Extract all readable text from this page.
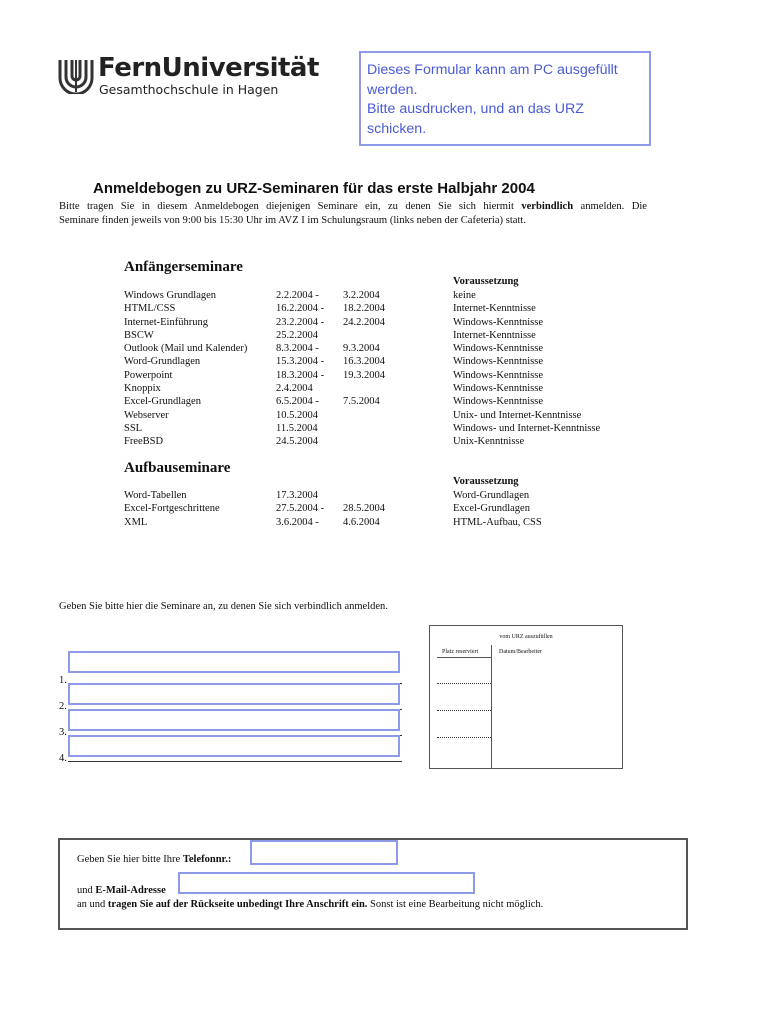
FernUniversität
Gesamthochschule in Hagen
Dieses Formular kann am PC ausgefüllt
werden.
Bitte ausdrucken, und an das URZ
schicken.
Anmeldebogen zu URZ-Seminaren für das erste Halbjahr 2004

Bitte tragen Sie in diesem Anmeldebogen diejenigen Seminare ein, zu denen Sie sich hiermit verbindlich anmelden. Die

Seminare finden jeweils von 9:00 bis 15:30 Uhr im AVZ I im Schulungsraum (links neben der Cafeteria) statt.

Anfängerseminare
Voraussetzung
Windows Grundlagen	2.2.2004 -	3.2.2004	keine
HTML/CSS	16.2.2004 -	18.2.2004	Internet-Kenntnisse
Internet-Einführung	23.2.2004 -	24.2.2004	Windows-Kenntnisse
BSCW	25.2.2004		Internet-Kenntnisse
Outlook (Mail und Kalender)	8.3.2004 -	9.3.2004	Windows-Kenntnisse
Word-Grundlagen	15.3.2004 -	16.3.2004	Windows-Kenntnisse
Powerpoint	18.3.2004 -	19.3.2004	Windows-Kenntnisse
Knoppix	2.4.2004		Windows-Kenntnisse
Excel-Grundlagen	6.5.2004 -	7.5.2004	Windows-Kenntnisse
Webserver	10.5.2004		Unix- und Internet-Kenntnisse
SSL	11.5.2004		Windows- und Internet-Kenntnisse
FreeBSD	24.5.2004		Unix-Kenntnisse
Aufbauseminare
Voraussetzung
Word-Tabellen	17.3.2004		Word-Grundlagen
Excel-Fortgeschrittene	27.5.2004 -	28.5.2004	Excel-Grundlagen
XML	3.6.2004 -	4.6.2004	HTML-Aufbau, CSS
Geben Sie bitte hier die Seminare an, zu denen Sie sich verbindlich anmelden.
1.
2.
3.
4.
vom URZ auszufüllen
Platz reserviert	Datum/Bearbeiter
Geben Sie hier bitte Ihre Telefonnr.:
und E-Mail-Adresse
an und tragen Sie auf der Rückseite unbedingt Ihre Anschrift ein. Sonst ist eine Bearbeitung nicht möglich.
